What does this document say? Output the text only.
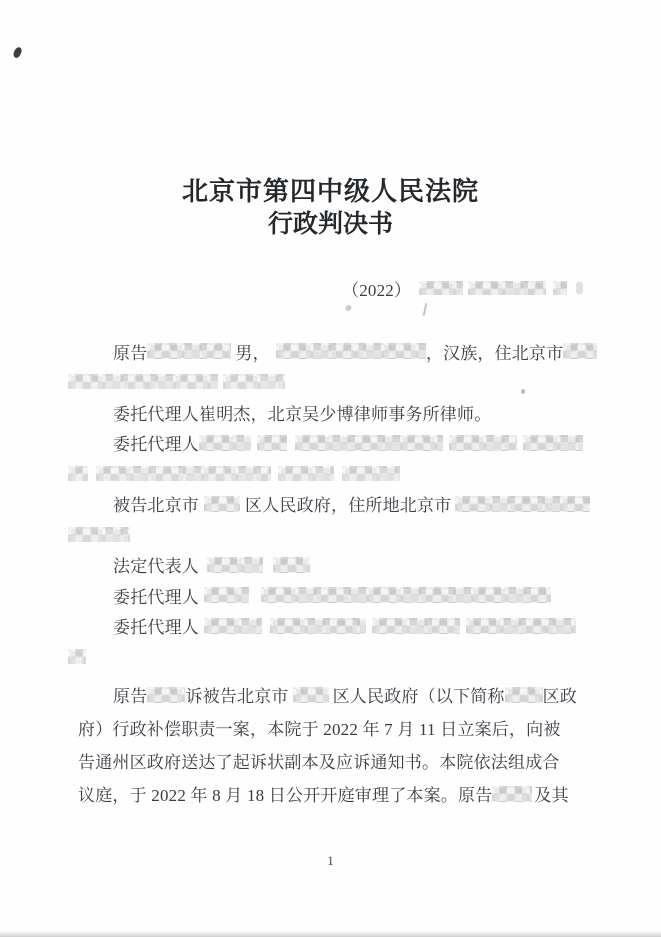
北京市第四中级人民法院
行政判决书
（2022）
原告	男，	，汉族，住北京市
委托代理人崔明杰，北京吴少博律师事务所律师。
委托代理人
被告北京市	区人民政府，住所地北京市
法定代表人
委托代理人
委托代理人
原告 诉被告北京市	区人民政府（以下简称 区政
府）行政补偿职责一案，本院于 2022 年 7 月 11 日立案后，向被
告通州区政府送达了起诉状副本及应诉通知书。本院依法组成合
议庭，于 2022 年 8 月 18 日公开开庭审理了本案。原告 及其
1
